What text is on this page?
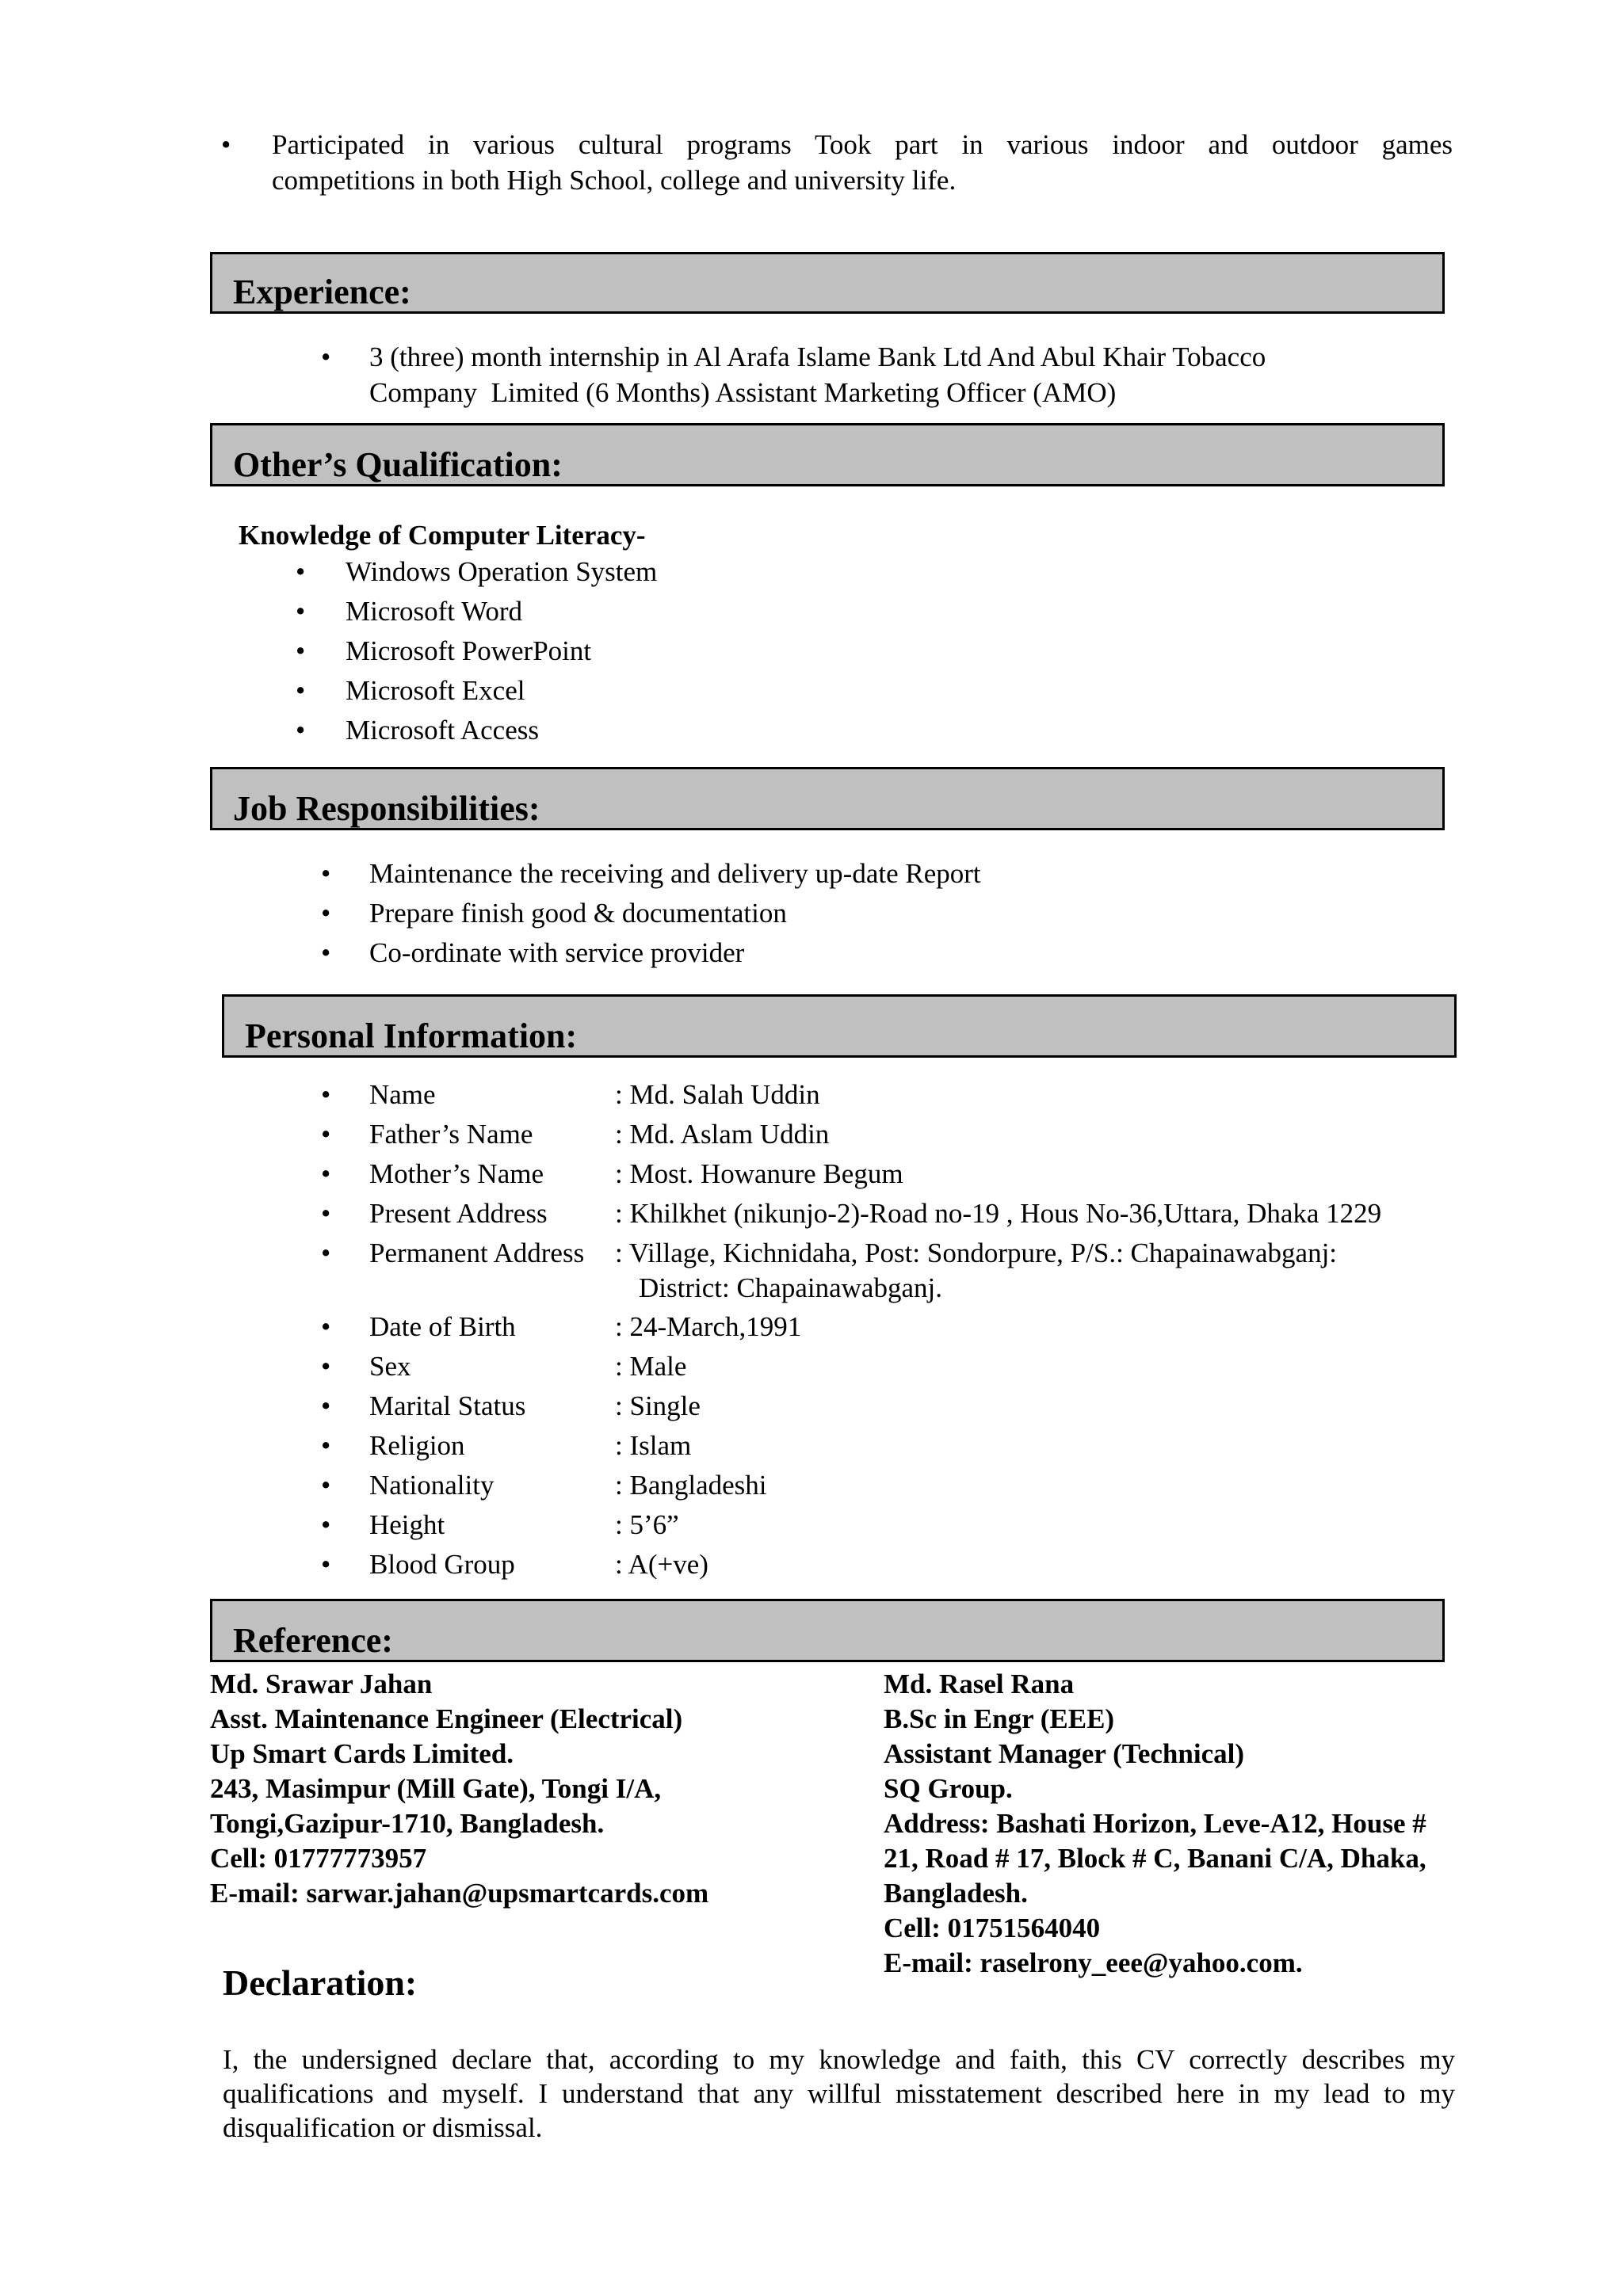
• Participated in various cultural programs Took part in various indoor and outdoor games
competitions in both High School, college and university life.
Experience:
• 3 (three) month internship in Al Arafa Islame Bank Ltd And Abul Khair Tobacco
Company  Limited (6 Months) Assistant Marketing Officer (AMO)
Other’s Qualification:
Knowledge of Computer Literacy-
• Windows Operation System
• Microsoft Word
• Microsoft PowerPoint
• Microsoft Excel
• Microsoft Access
Job Responsibilities:
• Maintenance the receiving and delivery up-date Report
• Prepare finish good & documentation
• Co-ordinate with service provider
Personal Information:
• Name	: Md. Salah Uddin
• Father’s Name	: Md. Aslam Uddin
• Mother’s Name	: Most. Howanure Begum
• Present Address : Khilkhet (nikunjo-2)-Road no-19 , Hous No-36,Uttara, Dhaka 1229
• Permanent Address : Village, Kichnidaha, Post: Sondorpure, P/S.: Chapainawabganj:
District: Chapainawabganj.
• Date of Birth	: 24-March,1991
• Sex	: Male
• Marital Status	: Single
• Religion	: Islam
• Nationality	: Bangladeshi
• Height	: 5’6”
• Blood Group	: A(+ve)
Reference:
Md. Srawar Jahan
Asst. Maintenance Engineer (Electrical)
Up Smart Cards Limited.
243, Masimpur (Mill Gate), Tongi I/A,
Tongi,Gazipur-1710, Bangladesh.
Cell: 01777773957
E-mail: sarwar.jahan@upsmartcards.com
Md. Rasel Rana
B.Sc in Engr (EEE)
Assistant Manager (Technical)
SQ Group.
Address: Bashati Horizon, Leve-A12, House #
21, Road # 17, Block # C, Banani C/A, Dhaka,
Bangladesh.
Cell: 01751564040
E-mail: raselrony_eee@yahoo.com.
Declaration:
I, the undersigned declare that, according to my knowledge and faith, this CV correctly describes my
qualifications and myself. I understand that any willful misstatement described here in my lead to my
disqualification or dismissal.
